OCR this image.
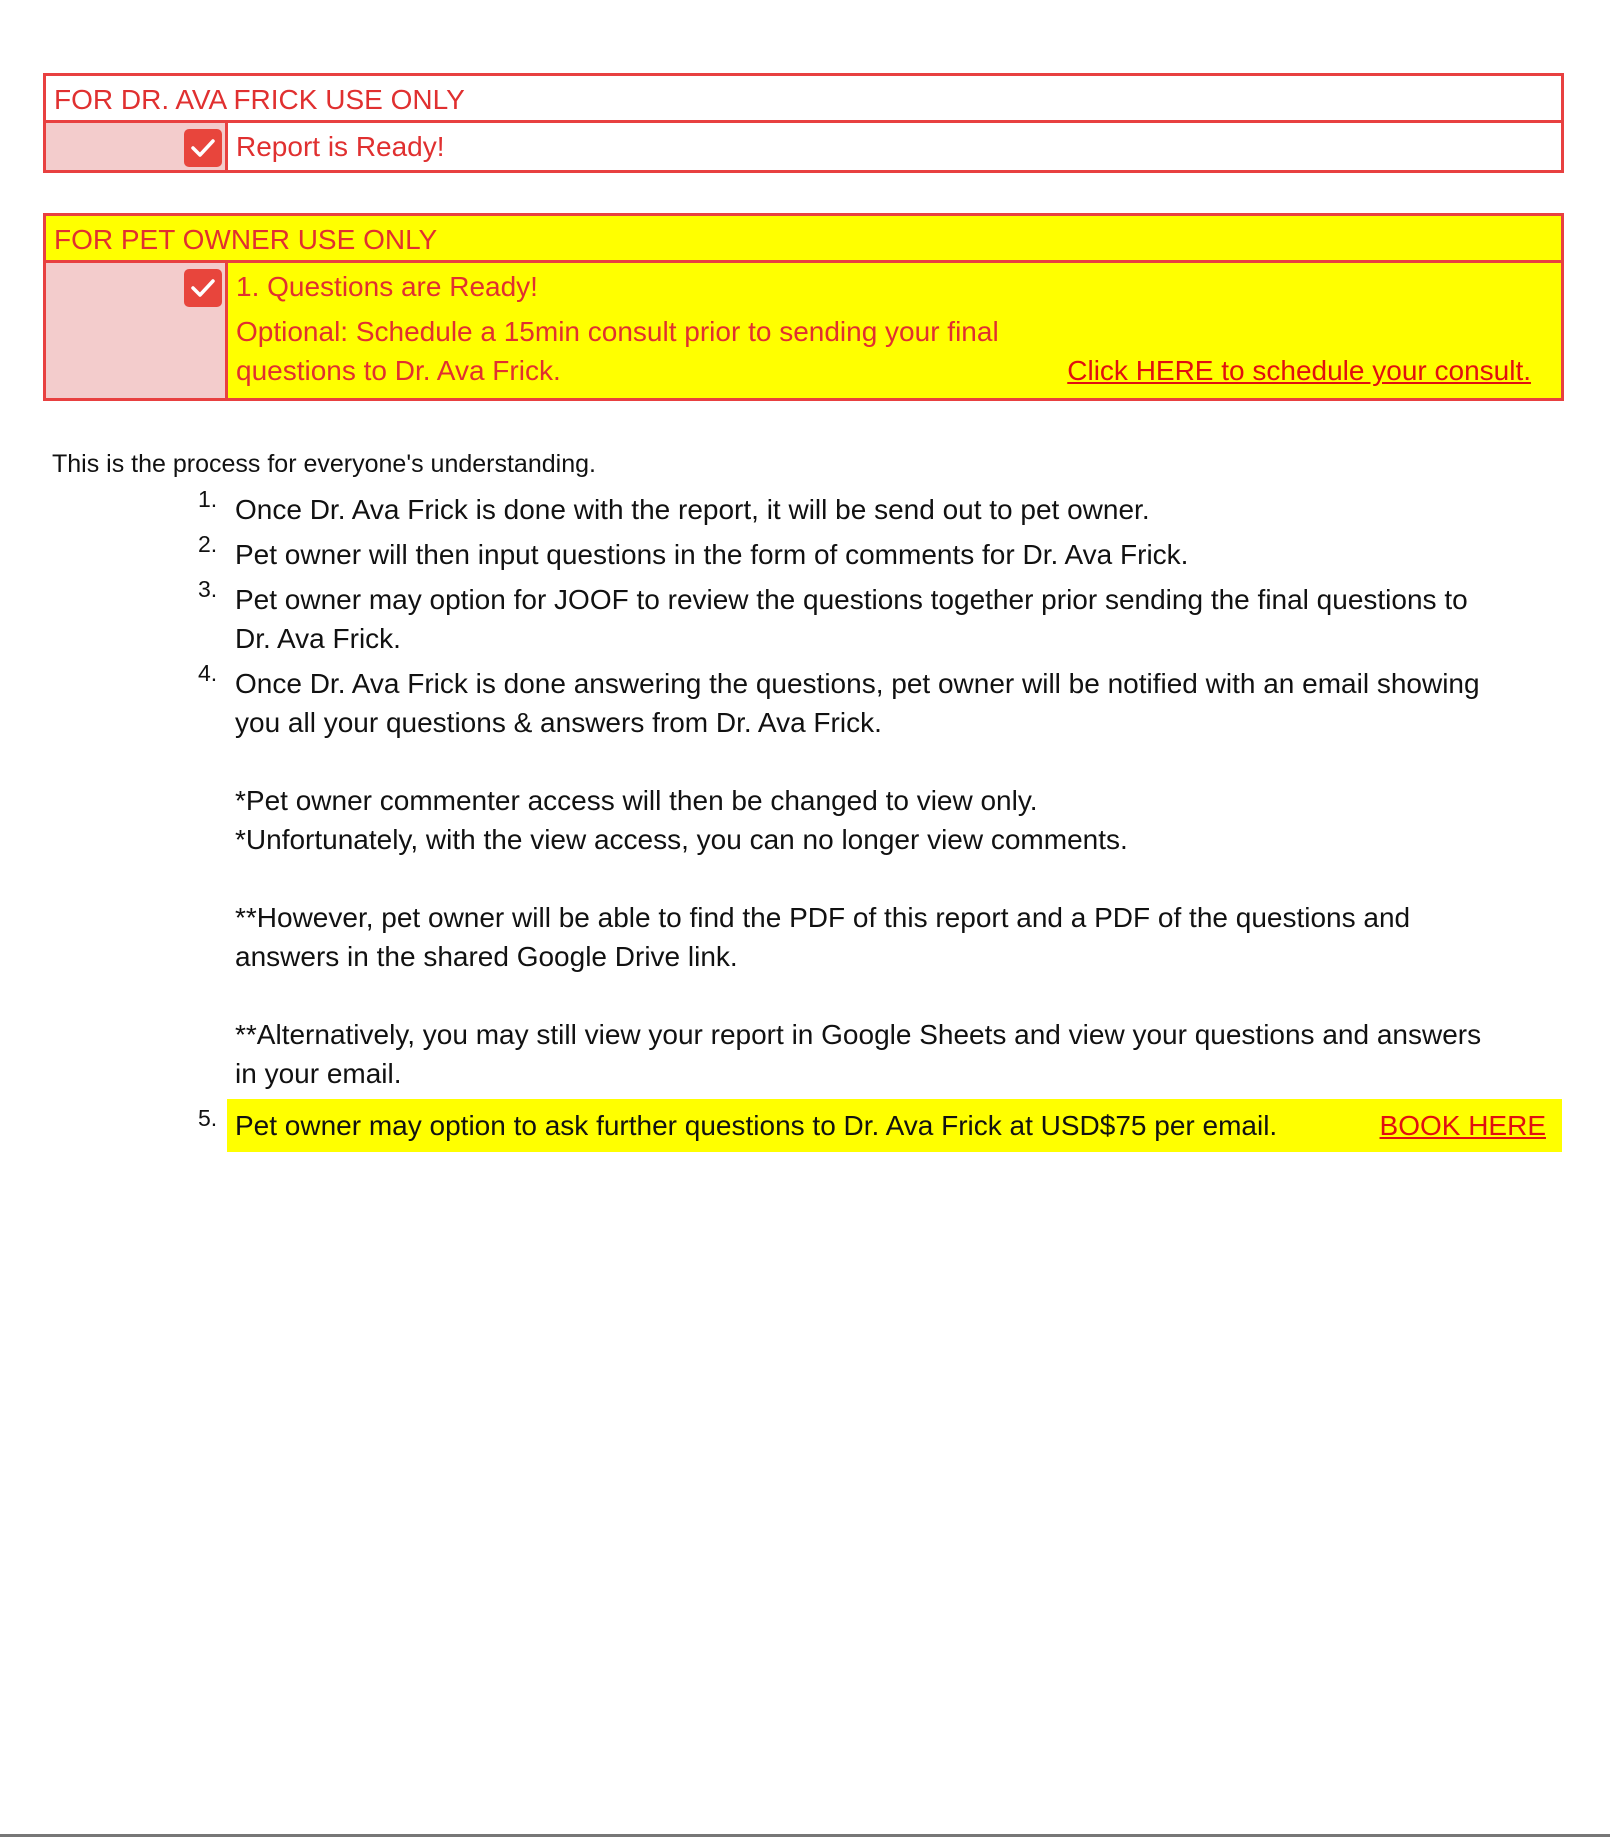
FOR DR. AVA FRICK USE ONLY
Report is Ready!
FOR PET OWNER USE ONLY
1. Questions are Ready!
Optional: Schedule a 15min consult prior to sending your final
questions to Dr. Ava Frick.	Click HERE to schedule your consult.
This is the process for everyone's understanding.
1. Once Dr. Ava Frick is done with the report, it will be send out to pet owner.
2. Pet owner will then input questions in the form of comments for Dr. Ava Frick.
3. Pet owner may option for JOOF to review the questions together prior sending the final questions to
Dr. Ava Frick.
4. Once Dr. Ava Frick is done answering the questions, pet owner will be notified with an email showing
you all your questions & answers from Dr. Ava Frick.
*Pet owner commenter access will then be changed to view only.
*Unfortunately, with the view access, you can no longer view comments.
**However, pet owner will be able to find the PDF of this report and a PDF of the questions and
answers in the shared Google Drive link.
**Alternatively, you may still view your report in Google Sheets and view your questions and answers
in your email.
5. Pet owner may option to ask further questions to Dr. Ava Frick at USD$75 per email.	BOOK HERE
